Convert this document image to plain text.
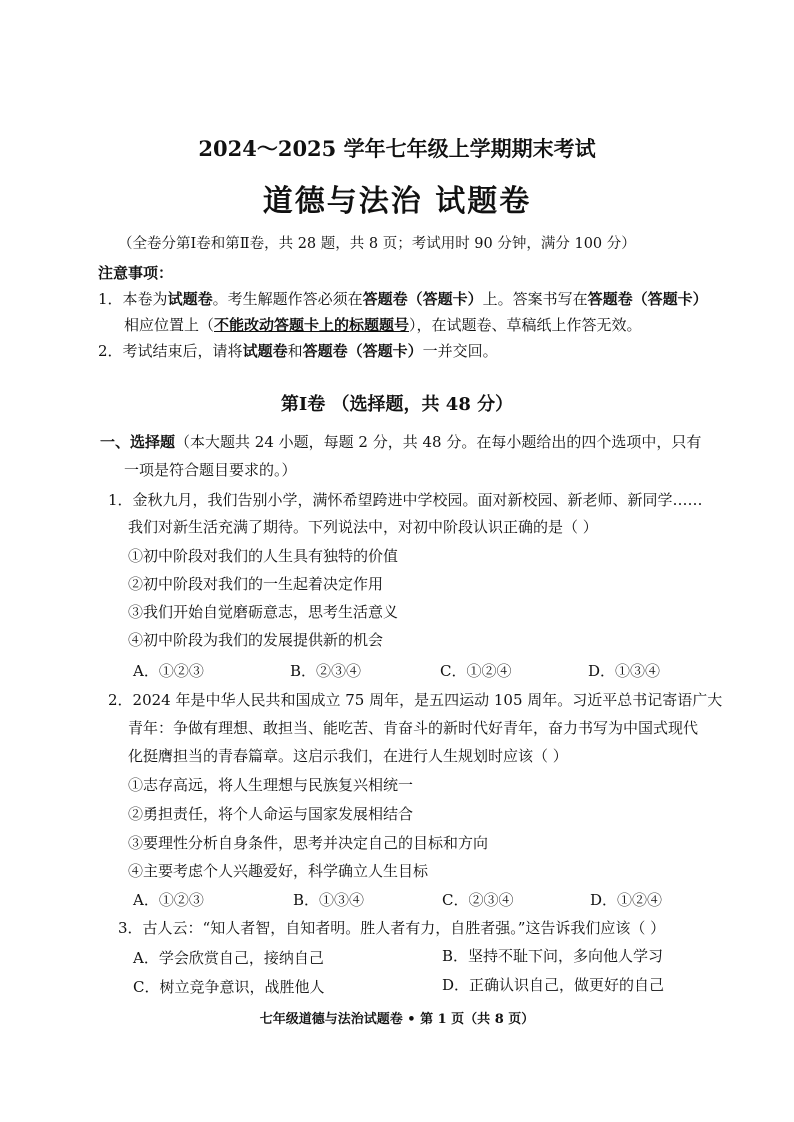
2024～2025 学年七年级上学期期末考试
道德与法治 试题卷
（全卷分第Ⅰ卷和第Ⅱ卷，共 28 题，共 8 页；考试用时 90 分钟，满分 100 分）
注意事项：
1．本卷为试题卷。考生解题作答必须在答题卷（答题卡）上。答案书写在答题卷（答题卡）
相应位置上（不能改动答题卡上的标题题号），在试题卷、草稿纸上作答无效。
2．考试结束后，请将试题卷和答题卷（答题卡）一并交回。
第Ⅰ卷 （选择题，共 48 分）
一、选择题（本大题共 24 小题，每题 2 分，共 48 分。在每小题给出的四个选项中，只有
一项是符合题目要求的。）
1．金秋九月，我们告别小学，满怀希望跨进中学校园。面对新校园、新老师、新同学……
我们对新生活充满了期待。下列说法中，对初中阶段认识正确的是（ ）
①初中阶段对我们的人生具有独特的价值
②初中阶段对我们的一生起着决定作用
③我们开始自觉磨砺意志，思考生活意义
④初中阶段为我们的发展提供新的机会
A．①②③	B．②③④	C．①②④	D．①③④
2．2024 年是中华人民共和国成立 75 周年，是五四运动 105 周年。习近平总书记寄语广大
青年：争做有理想、敢担当、能吃苦、肯奋斗的新时代好青年，奋力书写为中国式现代
化挺膺担当的青春篇章。这启示我们，在进行人生规划时应该（ ）
①志存高远，将人生理想与民族复兴相统一
②勇担责任，将个人命运与国家发展相结合
③要理性分析自身条件，思考并决定自己的目标和方向
④主要考虑个人兴趣爱好，科学确立人生目标
A．①②③	B．①③④	C．②③④	D．①②④
3．古人云：“知人者智，自知者明。胜人者有力，自胜者强。”这告诉我们应该（ ）
A．学会欣赏自己，接纳自己	B．坚持不耻下问，多向他人学习
C．树立竞争意识，战胜他人	D．正确认识自己，做更好的自己
七年级道德与法治试题卷 • 第 1 页（共 8 页）
